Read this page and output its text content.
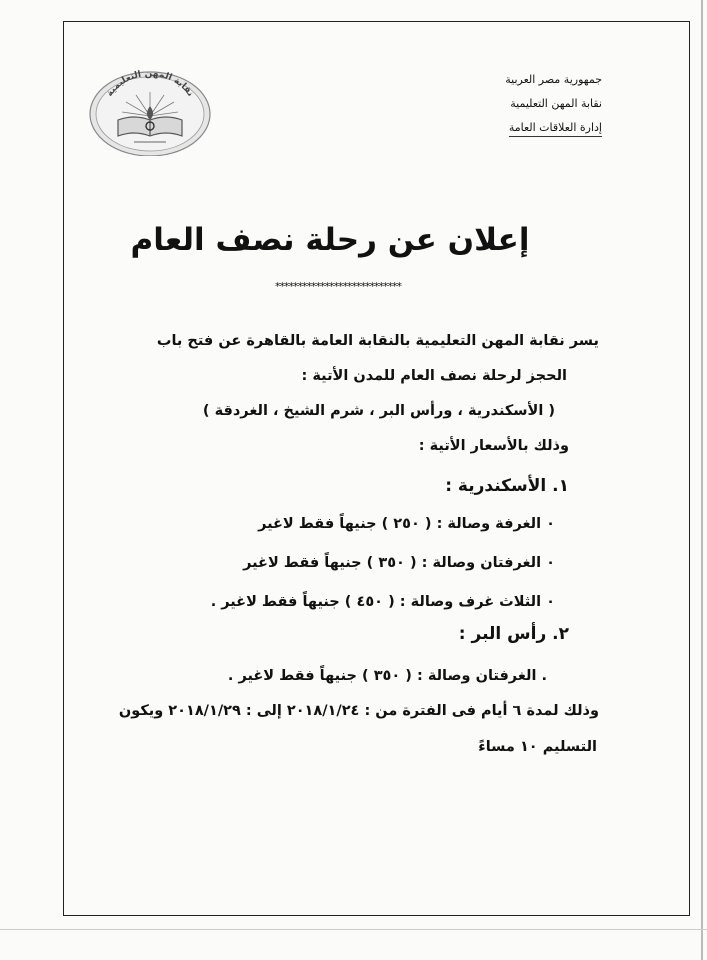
جمهورية مصر العربية
نقابة المهن التعليمية
إدارة العلاقات العامة
نقابة المهن التعليمية
إعلان عن رحلة نصف العام
****************************
يسر نقابة المهن التعليمية بالنقابة العامة بالقاهرة عن فتح باب
الحجز لرحلة نصف العام للمدن الأتية :
( الأسكندرية ، ورأس البر ، شرم الشيخ ، الغردقة )
وذلك بالأسعار الأتية :
١. الأسكندرية :
٠ الغرفة وصالة : ( ٢٥٠ ) جنيهاً فقط لاغير
٠ الغرفتان وصالة : ( ٣٥٠ ) جنيهاً فقط لاغير
٠ الثلاث غرف وصالة : ( ٤٥٠ ) جنيهاً فقط لاغير .
٢. رأس البر :
. الغرفتان وصالة : ( ٣٥٠ ) جنيهاً فقط لاغير .
وذلك لمدة ٦ أيام فى الفترة من : ٢٠١٨/١/٢٤ إلى : ٢٠١٨/١/٢٩ ويكون
التسليم ١٠ مساءً
